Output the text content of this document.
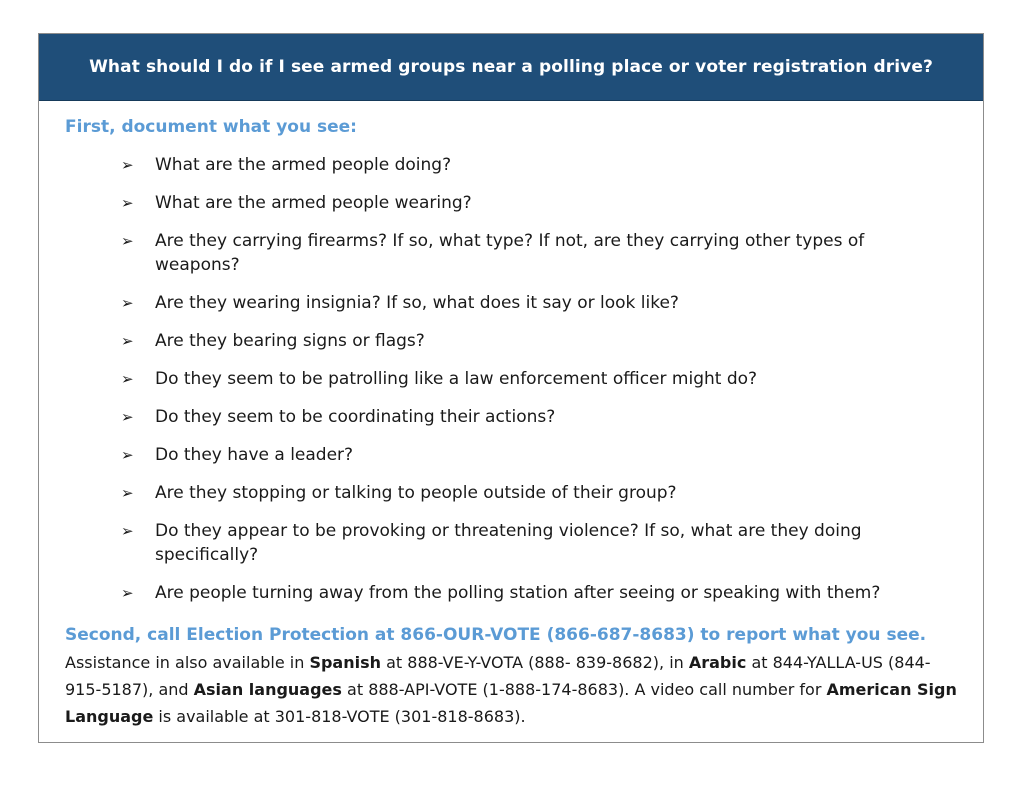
What should I do if I see armed groups near a polling place or voter registration drive?

First, document what you see:

➢	What are the armed people doing?
➢	What are the armed people wearing?
➢	Are they carrying firearms? If so, what type? If not, are they carrying other types of weapons?
➢	Are they wearing insignia? If so, what does it say or look like?
➢	Are they bearing signs or flags?
➢	Do they seem to be patrolling like a law enforcement officer might do?
➢	Do they seem to be coordinating their actions?
➢	Do they have a leader?
➢	Are they stopping or talking to people outside of their group?
➢	Do they appear to be provoking or threatening violence? If so, what are they doing specifically?
➢	Are people turning away from the polling station after seeing or speaking with them?

Second, call Election Protection at 866-OUR-VOTE (866-687-8683) to report what you see.

Assistance in also available in Spanish at 888-VE-Y-VOTA (888- 839-8682), in Arabic at 844-YALLA-US (844-915-5187), and Asian languages at 888-API-VOTE (1-888-174-8683). A video call number for American Sign Language is available at 301-818-VOTE (301-818-8683).
